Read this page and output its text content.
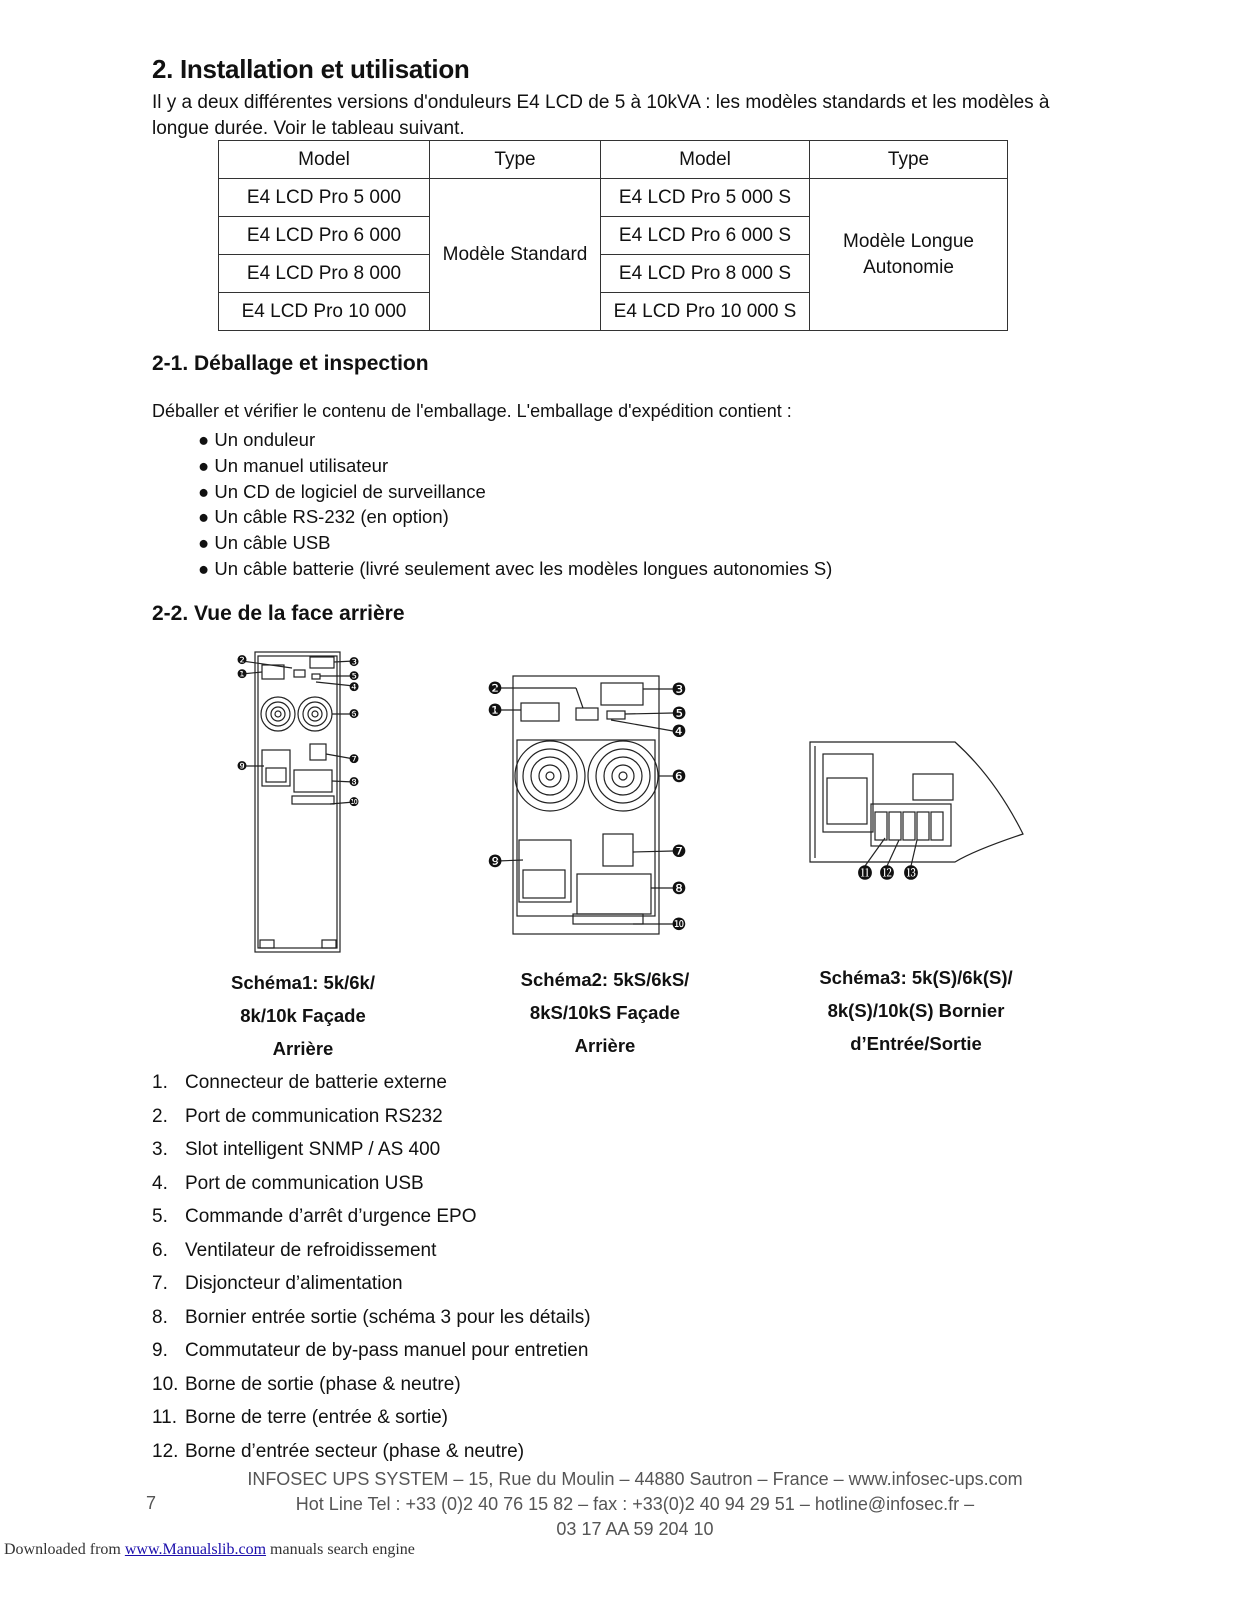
2. Installation et utilisation
Il y a deux différentes versions d'onduleurs E4 LCD de 5 à 10kVA : les modèles standards et les modèles à longue durée. Voir le tableau suivant.
Model	Type	Model	Type
E4 LCD Pro 5 000	Modèle Standard	E4 LCD Pro 5 000 S	Modèle Longue
Autonomie
E4 LCD Pro 6 000		E4 LCD Pro 6 000 S	
E4 LCD Pro 8 000		E4 LCD Pro 8 000 S	
E4 LCD Pro 10 000		E4 LCD Pro 10 000 S	
2-1. Déballage et inspection
Déballer et vérifier le contenu de l'emballage. L'emballage d'expédition contient :
● Un onduleur
● Un manuel utilisateur
● Un CD de logiciel de surveillance
● Un câble RS-232 (en option)
● Un câble USB
● Un câble batterie (livré seulement avec les modèles longues autonomies S)
2-2. Vue de la face arrière
❷
❶
❸
❺
❹
❻
❾	❼
❽
❿
❷
❶
❸
❺
❹
❻
❼
❾
❽
❿
⓫ ⓬ ⓭
Schéma1: 5k/6k/
8k/10k Façade
Arrière
Schéma2: 5kS/6kS/
8kS/10kS Façade
Arrière
Schéma3: 5k(S)/6k(S)/
8k(S)/10k(S) Bornier
d’Entrée/Sortie
1. Connecteur de batterie externe
2. Port de communication RS232
3. Slot intelligent SNMP / AS 400
4. Port de communication USB
5. Commande d’arrêt d’urgence EPO
6. Ventilateur de refroidissement
7. Disjoncteur d’alimentation
8. Bornier entrée sortie (schéma 3 pour les détails)
9. Commutateur de by-pass manuel pour entretien
10. Borne de sortie (phase & neutre)
11. Borne de terre (entrée & sortie)
12. Borne d’entrée secteur (phase & neutre)
INFOSEC UPS SYSTEM – 15, Rue du Moulin – 44880 Sautron – France – www.infosec-ups.com
Hot Line Tel : +33 (0)2 40 76 15 82 – fax : +33(0)2 40 94 29 51 – hotline@infosec.fr –
03 17 AA 59 204 10
7
Downloaded from www.Manualslib.com manuals search engine
